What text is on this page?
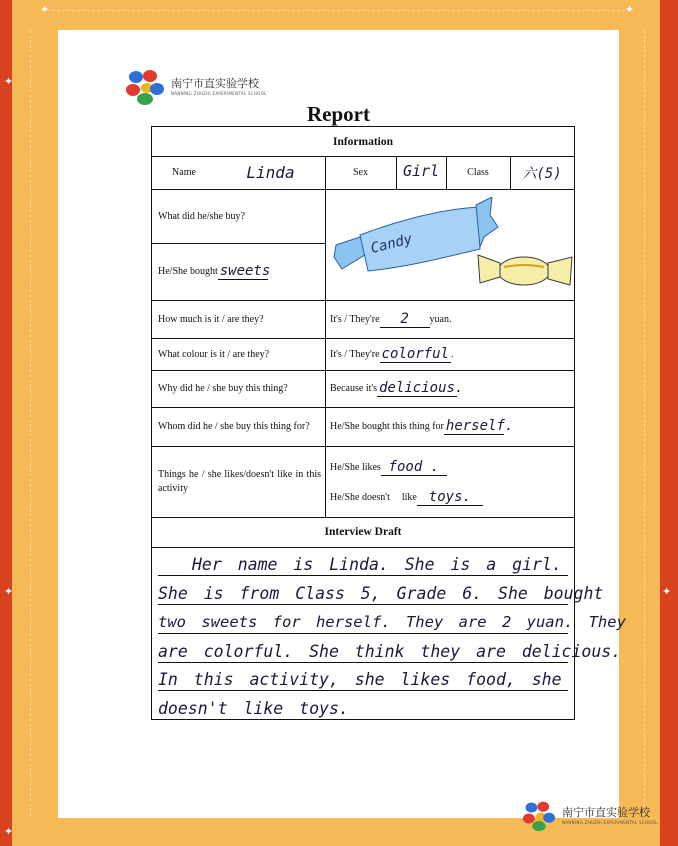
✦	✦
✦
✦	✦
✦
南宁市直实验学校
NANNING ZHUZHI EXPERIMENTAL SCHOOL
Report
Information
Name	Linda	Sex	Girl	Class	六(5)
What did he/she buy?
He/She bought sweets
Candy
How much is it / are they?	It's / They're	2	yuan.
What colour is it / are they?	It's / They're colorful .
Why did he / she buy this thing?	Because it's delicious.
Whom did he / she buy this thing for?	He/She bought this thing for herself.
Things he / she likes/doesn't like in this activity
He/She likes food .
He/She doesn't like toys.
Interview Draft
Her name is Linda. She is a girl.
She is from Class 5, Grade 6. She bought
two sweets for herself. They are 2 yuan. They
are colorful. She think they are delicious.
In this activity, she likes food, she
doesn't like toys.
南宁市直实验学校
NANNING ZHUZHI EXPERIMENTAL SCHOOL
